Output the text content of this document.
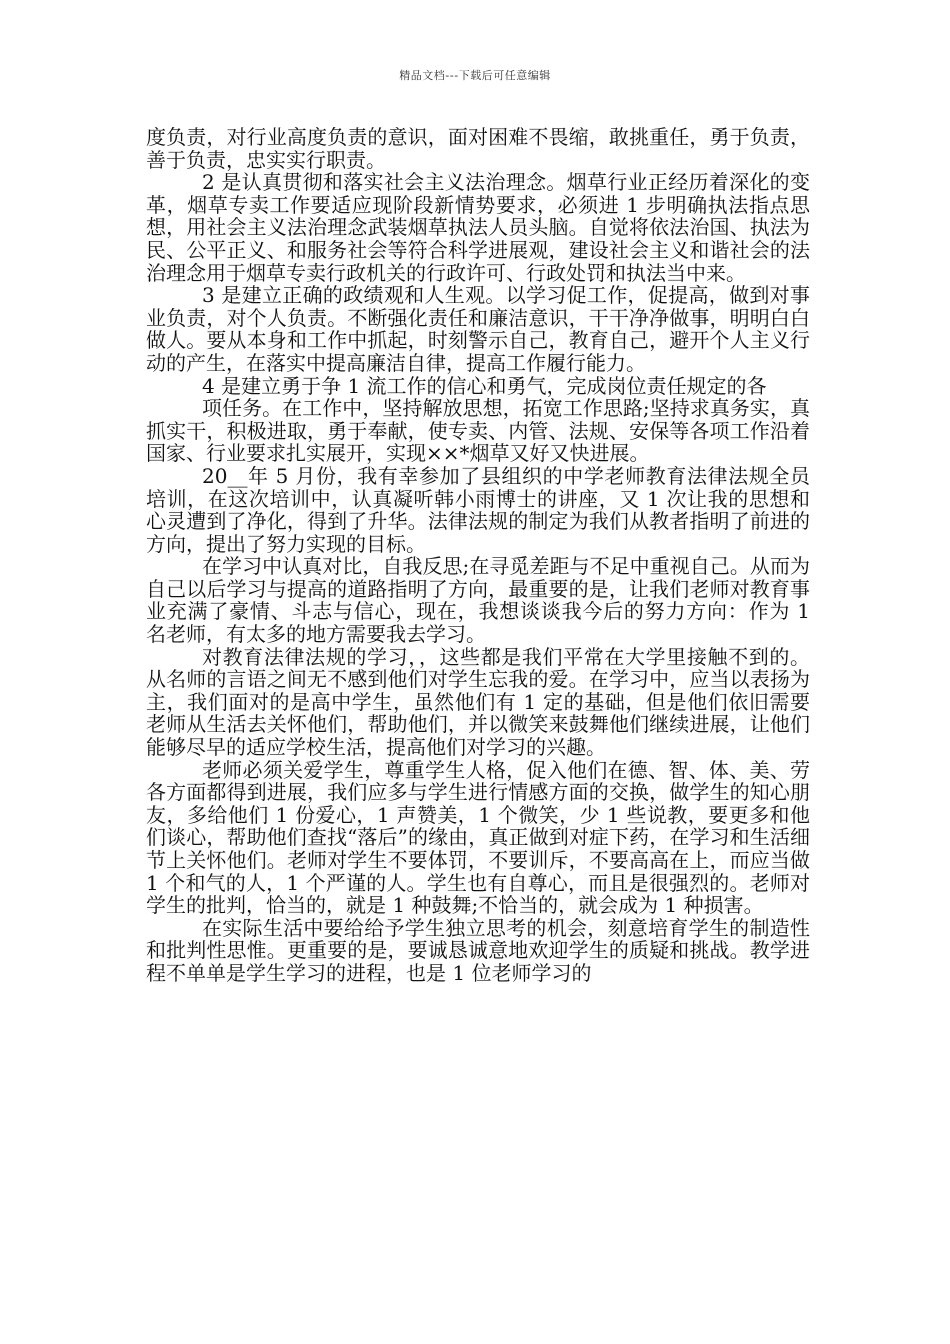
精品文档---下载后可任意编辑

度负责，对行业高度负责的意识，面对困难不畏缩，敢挑重任，勇于负责，善于负责，忠实实行职责。

2 是认真贯彻和落实社会主义法治理念。烟草行业正经历着深化的变革，烟草专卖工作要适应现阶段新情势要求，必须进 1 步明确执法指点思想，用社会主义法治理念武装烟草执法人员头脑。自觉将依法治国、执法为民、公平正义、和服务社会等符合科学进展观，建设社会主义和谐社会的法治理念用于烟草专卖行政机关的行政许可、行政处罚和执法当中来。

3 是建立正确的政绩观和人生观。以学习促工作，促提高，做到对事业负责，对个人负责。不断强化责任和廉洁意识，干干净净做事，明明白白做人。要从本身和工作中抓起，时刻警示自己，教育自己，避开个人主义行动的产生，在落实中提高廉洁自律，提高工作履行能力。

4 是建立勇于争 1 流工作的信心和勇气，完成岗位责任规定的各

项任务。在工作中，坚持解放思想，拓宽工作思路;坚持求真务实，真抓实干，积极进取，勇于奉献，使专卖、内管、法规、安保等各项工作沿着国家、行业要求扎实展开，实现××*烟草又好又快进展。

20__年 5 月份，我有幸参加了县组织的中学老师教育法律法规全员培训，在这次培训中，认真凝听韩小雨博士的讲座，又 1 次让我的思想和心灵遭到了净化，得到了升华。法律法规的制定为我们从教者指明了前进的方向，提出了努力实现的目标。

在学习中认真对比，自我反思;在寻觅差距与不足中重视自己。从而为自己以后学习与提高的道路指明了方向，最重要的是，让我们老师对教育事业充满了豪情、斗志与信心，现在，我想谈谈我今后的努力方向：作为 1 名老师，有太多的地方需要我去学习。

对教育法律法规的学习，，这些都是我们平常在大学里接触不到的。从名师的言语之间无不感到他们对学生忘我的爱。在学习中，应当以表扬为主，我们面对的是高中学生，虽然他们有 1 定的基础，但是他们依旧需要老师从生活去关怀他们，帮助他们，并以微笑来鼓舞他们继续进展，让他们能够尽早的适应学校生活，提高他们对学习的兴趣。

老师必须关爱学生，尊重学生人格，促入他们在德、智、体、美、劳各方面都得到进展，我们应多与学生进行情感方面的交换，做学生的知心朋友，多给他们 1 份爱心，1 声赞美，1 个微笑，少 1 些说教，要更多和他们谈心，帮助他们查找“落后”的缘由，真正做到对症下药，在学习和生活细节上关怀他们。老师对学生不要体罚，不要训斥，不要高高在上，而应当做 1 个和气的人，1 个严谨的人。学生也有自尊心，而且是很强烈的。老师对学生的批判，恰当的，就是 1 种鼓舞;不恰当的，就会成为 1 种损害。

在实际生活中要给给予学生独立思考的机会，刻意培育学生的制造性和批判性思惟。更重要的是，要诚恳诚意地欢迎学生的质疑和挑战。教学进程不单单是学生学习的进程，也是 1 位老师学习的
